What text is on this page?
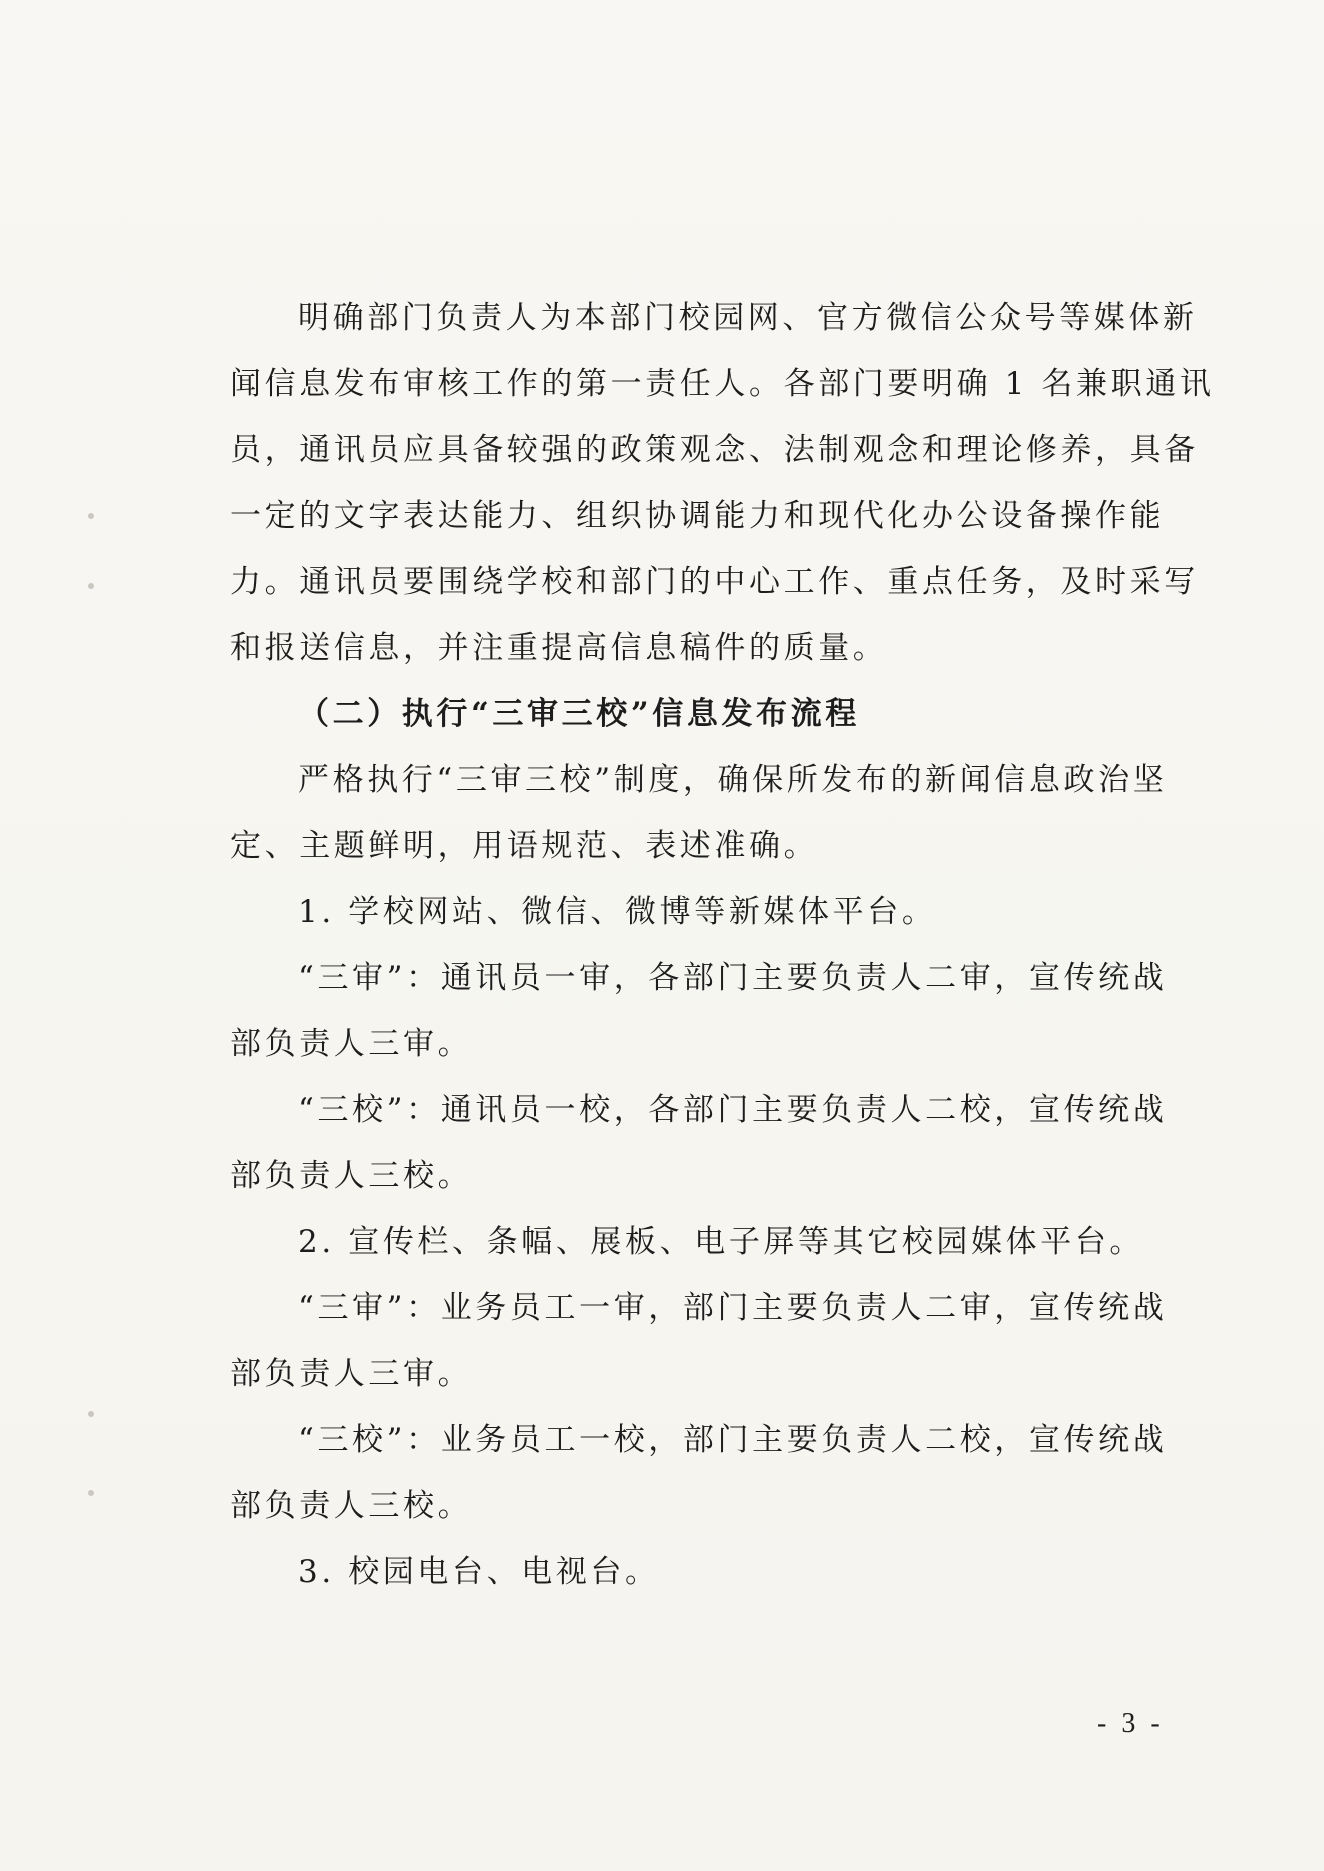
明确部门负责人为本部门校园网、官方微信公众号等媒体新
闻信息发布审核工作的第一责任人。各部门要明确 1 名兼职通讯
员，通讯员应具备较强的政策观念、法制观念和理论修养，具备
一定的文字表达能力、组织协调能力和现代化办公设备操作能
力。通讯员要围绕学校和部门的中心工作、重点任务，及时采写
和报送信息，并注重提高信息稿件的质量。
（二）执行“三审三校”信息发布流程
严格执行“三审三校”制度，确保所发布的新闻信息政治坚
定、主题鲜明，用语规范、表述准确。
1. 学校网站、微信、微博等新媒体平台。
“三审”：通讯员一审，各部门主要负责人二审，宣传统战
部负责人三审。
“三校”：通讯员一校，各部门主要负责人二校，宣传统战
部负责人三校。
2. 宣传栏、条幅、展板、电子屏等其它校园媒体平台。
“三审”：业务员工一审，部门主要负责人二审，宣传统战
部负责人三审。
“三校”：业务员工一校，部门主要负责人二校，宣传统战
部负责人三校。
3. 校园电台、电视台。
- 3 -
